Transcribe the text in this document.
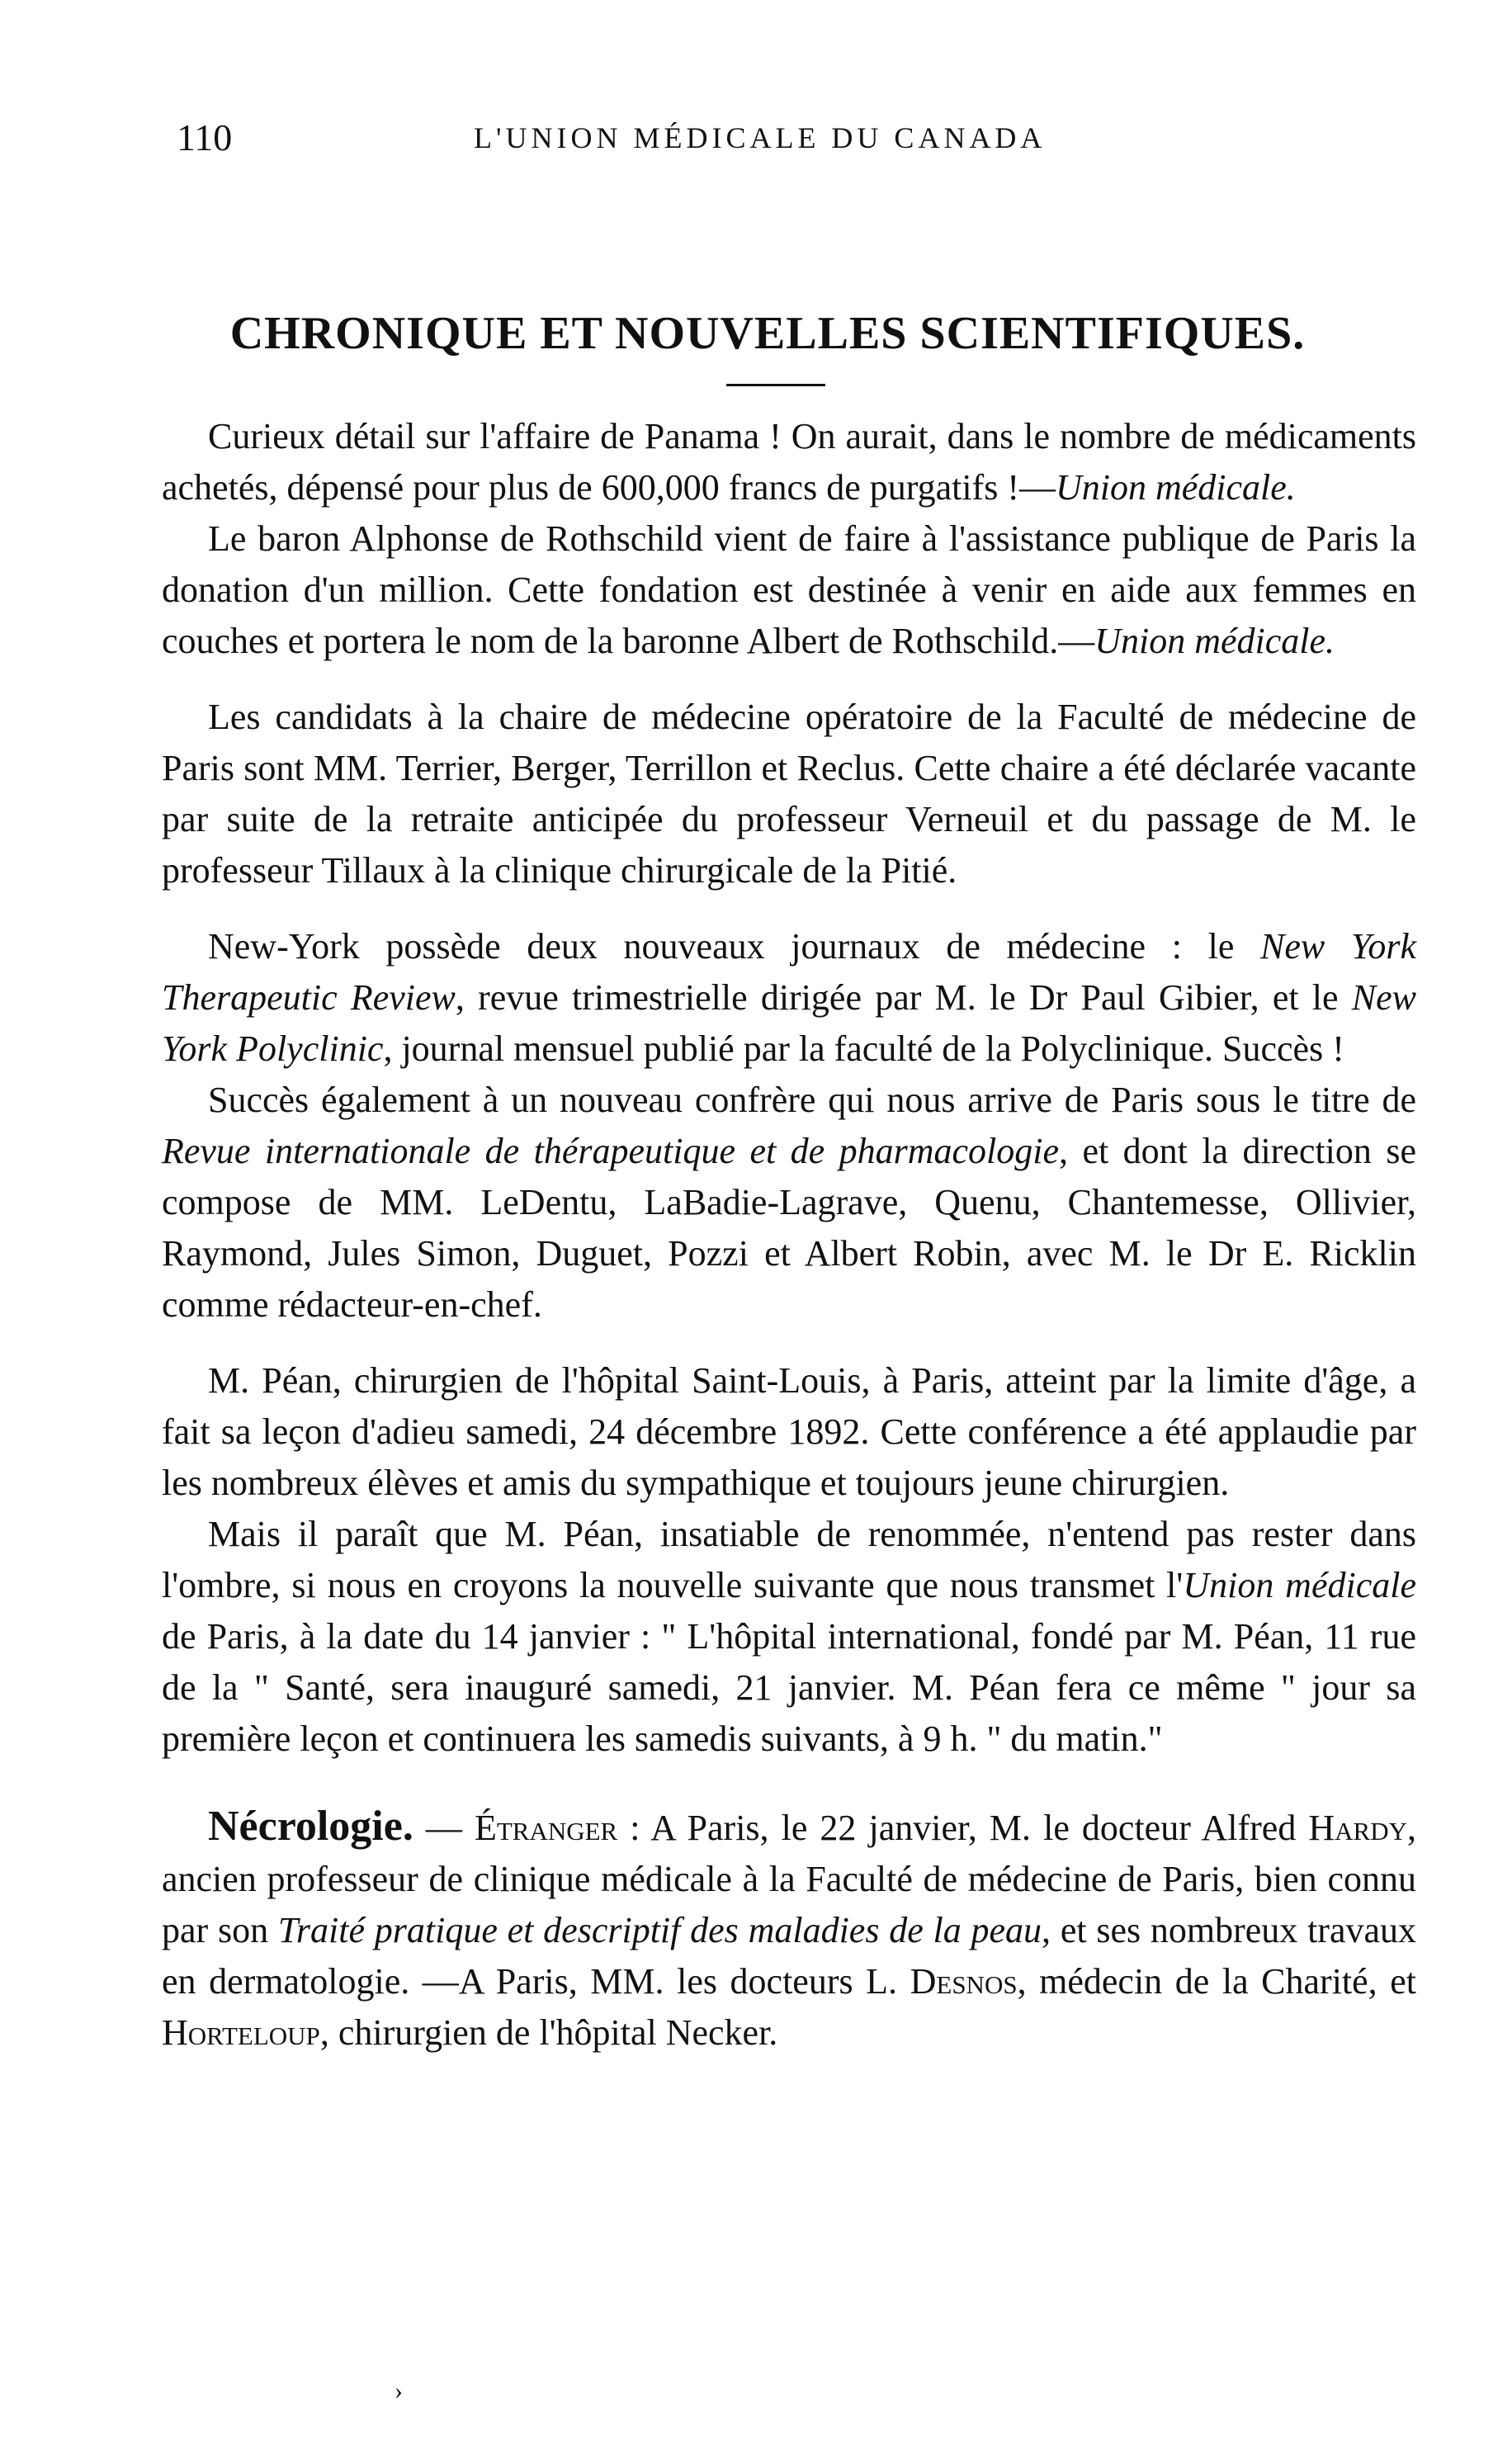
110	L'UNION MÉDICALE DU CANADA
CHRONIQUE ET NOUVELLES SCIENTIFIQUES.

Curieux détail sur l'affaire de Panama ! On aurait, dans le nombre de médicaments achetés, dépensé pour plus de 600,000 francs de purgatifs !—Union médicale.

Le baron Alphonse de Rothschild vient de faire à l'assistance publique de Paris la donation d'un million. Cette fondation est destinée à venir en aide aux femmes en couches et portera le nom de la baronne Albert de Rothschild.—Union médicale.

Les candidats à la chaire de médecine opératoire de la Faculté de médecine de Paris sont MM. Terrier, Berger, Terrillon et Reclus. Cette chaire a été déclarée vacante par suite de la retraite anticipée du professeur Verneuil et du passage de M. le professeur Tillaux à la clinique chirurgicale de la Pitié.

New-York possède deux nouveaux journaux de médecine : le New York Therapeutic Review, revue trimestrielle dirigée par M. le Dr Paul Gibier, et le New York Polyclinic, journal mensuel publié par la faculté de la Polyclinique. Succès !

Succès également à un nouveau confrère qui nous arrive de Paris sous le titre de Revue internationale de thérapeutique et de pharmacologie, et dont la direction se compose de MM. LeDentu, LaBadie-Lagrave, Quenu, Chantemesse, Ollivier, Raymond, Jules Simon, Duguet, Pozzi et Albert Robin, avec M. le Dr E. Ricklin comme rédacteur-en-chef.

M. Péan, chirurgien de l'hôpital Saint-Louis, à Paris, atteint par la limite d'âge, a fait sa leçon d'adieu samedi, 24 décembre 1892. Cette conférence a été applaudie par les nombreux élèves et amis du sympathique et toujours jeune chirurgien.

Mais il paraît que M. Péan, insatiable de renommée, n'entend pas rester dans l'ombre, si nous en croyons la nouvelle suivante que nous transmet l'Union médicale de Paris, à la date du 14 janvier : " L'hôpital international, fondé par M. Péan, 11 rue de la " Santé, sera inauguré samedi, 21 janvier. M. Péan fera ce même " jour sa première leçon et continuera les samedis suivants, à 9 h. " du matin."

Nécrologie. — Étranger : A Paris, le 22 janvier, M. le docteur Alfred Hardy, ancien professeur de clinique médicale à la Faculté de médecine de Paris, bien connu par son Traité pratique et descriptif des maladies de la peau, et ses nombreux travaux en dermatologie. —A Paris, MM. les docteurs L. Desnos, médecin de la Charité, et Horteloup, chirurgien de l'hôpital Necker.

›
